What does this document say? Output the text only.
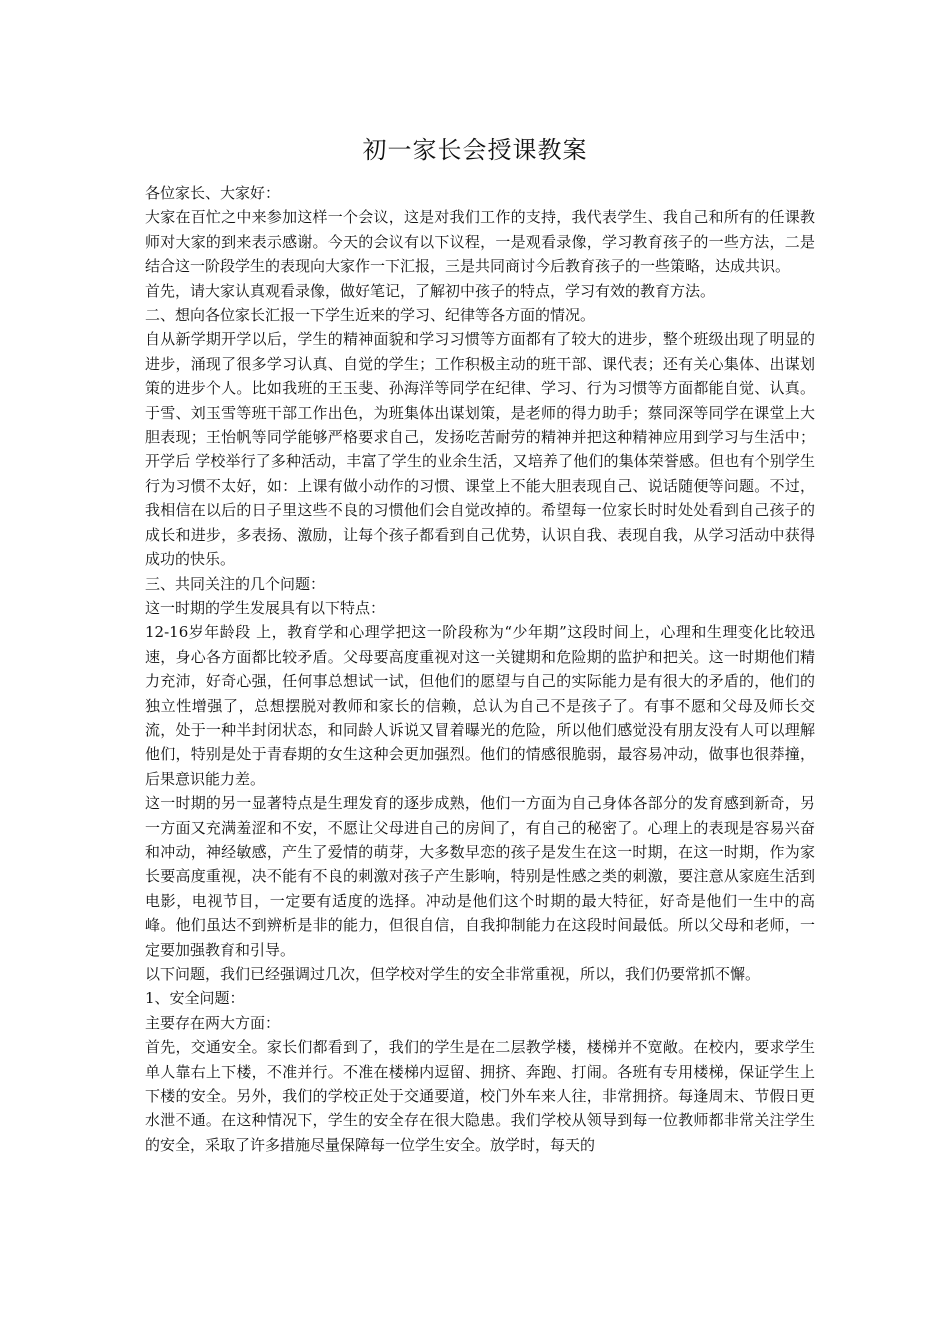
初一家长会授课教案

各位家长、大家好：

大家在百忙之中来参加这样一个会议，这是对我们工作的支持，我代表学生、我自己和所有的任课教师对大家的到来表示感谢。今天的会议有以下议程，一是观看录像，学习教育孩子的一些方法，二是结合这一阶段学生的表现向大家作一下汇报，三是共同商讨今后教育孩子的一些策略，达成共识。

首先，请大家认真观看录像，做好笔记，了解初中孩子的特点，学习有效的教育方法。

二、想向各位家长汇报一下学生近来的学习、纪律等各方面的情况。

自从新学期开学以后，学生的精神面貌和学习习惯等方面都有了较大的进步，整个班级出现了明显的进步，涌现了很多学习认真、自觉的学生；工作积极主动的班干部、课代表；还有关心集体、出谋划策的进步个人。比如我班的王玉斐、孙海洋等同学在纪律、学习、行为习惯等方面都能自觉、认真。于雪、刘玉雪等班干部工作出色，为班集体出谋划策，是老师的得力助手；蔡同深等同学在课堂上大胆表现；王怡帆等同学能够严格要求自己，发扬吃苦耐劳的精神并把这种精神应用到学习与生活中；开学后 学校举行了多种活动，丰富了学生的业余生活，又培养了他们的集体荣誉感。但也有个别学生行为习惯不太好，如：上课有做小动作的习惯、课堂上不能大胆表现自己、说话随便等问题。不过，我相信在以后的日子里这些不良的习惯他们会自觉改掉的。希望每一位家长时时处处看到自己孩子的成长和进步，多表扬、激励，让每个孩子都看到自己优势，认识自我、表现自我，从学习活动中获得成功的快乐。

三、共同关注的几个问题：

这一时期的学生发展具有以下特点：

12-16岁年龄段 上，教育学和心理学把这一阶段称为“少年期”这段时间上，心理和生理变化比较迅速，身心各方面都比较矛盾。父母要高度重视对这一关键期和危险期的监护和把关。这一时期他们精力充沛，好奇心强，任何事总想试一试，但他们的愿望与自己的实际能力是有很大的矛盾的，他们的独立性增强了，总想摆脱对教师和家长的信赖，总认为自己不是孩子了。有事不愿和父母及师长交流，处于一种半封闭状态，和同龄人诉说又冒着曝光的危险，所以他们感觉没有朋友没有人可以理解他们，特别是处于青春期的女生这种会更加强烈。他们的情感很脆弱，最容易冲动，做事也很莽撞，后果意识能力差。

这一时期的另一显著特点是生理发育的逐步成熟，他们一方面为自己身体各部分的发育感到新奇，另一方面又充满羞涩和不安，不愿让父母进自己的房间了，有自己的秘密了。心理上的表现是容易兴奋和冲动，神经敏感，产生了爱情的萌芽，大多数早恋的孩子是发生在这一时期，在这一时期，作为家长要高度重视，决不能有不良的刺激对孩子产生影响，特别是性感之类的刺激，要注意从家庭生活到电影，电视节目，一定要有适度的选择。冲动是他们这个时期的最大特征，好奇是他们一生中的高峰。他们虽达不到辨析是非的能力，但很自信，自我抑制能力在这段时间最低。所以父母和老师，一定要加强教育和引导。

以下问题，我们已经强调过几次，但学校对学生的安全非常重视，所以，我们仍要常抓不懈。

1、安全问题：

主要存在两大方面：

首先，交通安全。家长们都看到了，我们的学生是在二层教学楼，楼梯并不宽敞。在校内，要求学生单人靠右上下楼，不准并行。不准在楼梯内逗留、拥挤、奔跑、打闹。各班有专用楼梯，保证学生上下楼的安全。另外，我们的学校正处于交通要道，校门外车来人往，非常拥挤。每逢周末、节假日更水泄不通。在这种情况下，学生的安全存在很大隐患。我们学校从领导到每一位教师都非常关注学生的安全，采取了许多措施尽量保障每一位学生安全。放学时，每天的
